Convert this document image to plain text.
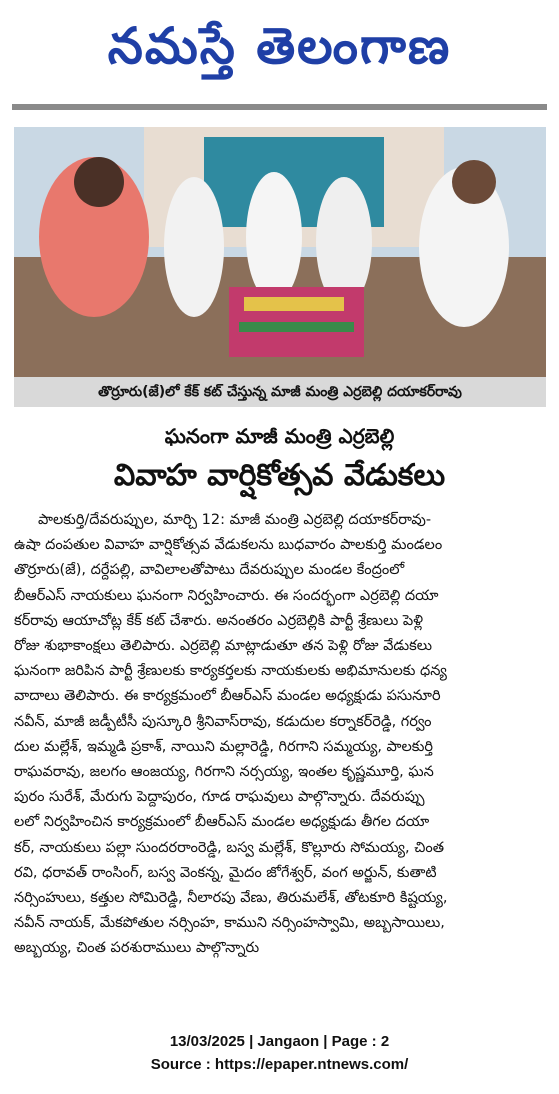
నమస్తే తెలంగాణ
తొర్రూరు(జే)లో కేక్ కట్ చేస్తున్న మాజీ మంత్రి ఎర్రబెల్లి దయాకర్‌రావు
ఘనంగా మాజీ మంత్రి ఎర్రబెల్లి
వివాహ వార్షికోత్సవ వేడుకలు
పాలకుర్తి/దేవరుప్పుల, మార్చి 12: మాజీ మంత్రి ఎర్రబెల్లి దయాకర్‌రావు-
ఉషా దంపతుల వివాహ వార్షికోత్సవ వేడుకలను బుధవారం పాలకుర్తి మండలం
తొర్రూరు(జే), దర్దేపల్లి, వావిలాలతోపాటు దేవరుప్పుల మండల కేంద్రంలో
బీఆర్‌ఎస్ నాయకులు ఘనంగా నిర్వహించారు. ఈ సందర్భంగా ఎర్రబెల్లి దయా
కర్‌రావు ఆయాచోట్ల కేక్ కట్ చేశారు. అనంతరం ఎర్రబెల్లికి పార్టీ శ్రేణులు పెళ్లి
రోజు శుభాకాంక్షలు తెలిపారు. ఎర్రబెల్లి మాట్లాడుతూ తన పెళ్లి రోజు వేడుకలు
ఘనంగా జరిపిన పార్టీ శ్రేణులకు కార్యకర్తలకు నాయకులకు అభిమానులకు ధన్య
వాదాలు తెలిపారు. ఈ కార్యక్రమంలో బీఆర్‌ఎస్ మండల అధ్యక్షుడు పసునూరి
నవీన్, మాజీ జడ్పీటీసీ పుస్కూరి శ్రీనివాస్‌రావు, కడుదుల కర్నాకర్‌రెడ్డి, గర్వం
దుల మల్లేశ్, ఇమ్మడి ప్రకాశ్, నాయిని మల్లారెడ్డి, గిరగాని సమ్మయ్య, పాలకుర్తి
రాఘవరావు, జలగం ఆంజయ్య, గిరగాని నర్సయ్య, ఇంతల కృష్ణమూర్తి, ఘన
పురం సురేశ్, మేరుగు పెద్దాపురం, గూడ రాఘవులు పాల్గొన్నారు. దేవరుప్పు
లలో నిర్వహించిన కార్యక్రమంలో బీఆర్‌ఎస్ మండల అధ్యక్షుడు తీగల దయా
కర్, నాయకులు పల్లా సుందరరాంరెడ్డి, బస్వ మల్లేశ్, కొల్లూరు సోమయ్య, చింత
రవి, ధరావత్ రాంసింగ్, బస్వ వెంకన్న, మైదం జోగేశ్వర్, వంగ అర్జున్, కుతాటి
నర్సింహులు, కత్తుల సోమిరెడ్డి, నీలారపు వేణు, తిరుమలేశ్, తోటకూరి కిష్టయ్య,
నవీన్ నాయక్, మేకపోతుల నర్సింహ, కాముని నర్సింహస్వామి, అబ్బసాయిలు,
అబ్బయ్య, చింత పరశురాములు పాల్గొన్నారు
13/03/2025 | Jangaon | Page : 2
Source : https://epaper.ntnews.com/
